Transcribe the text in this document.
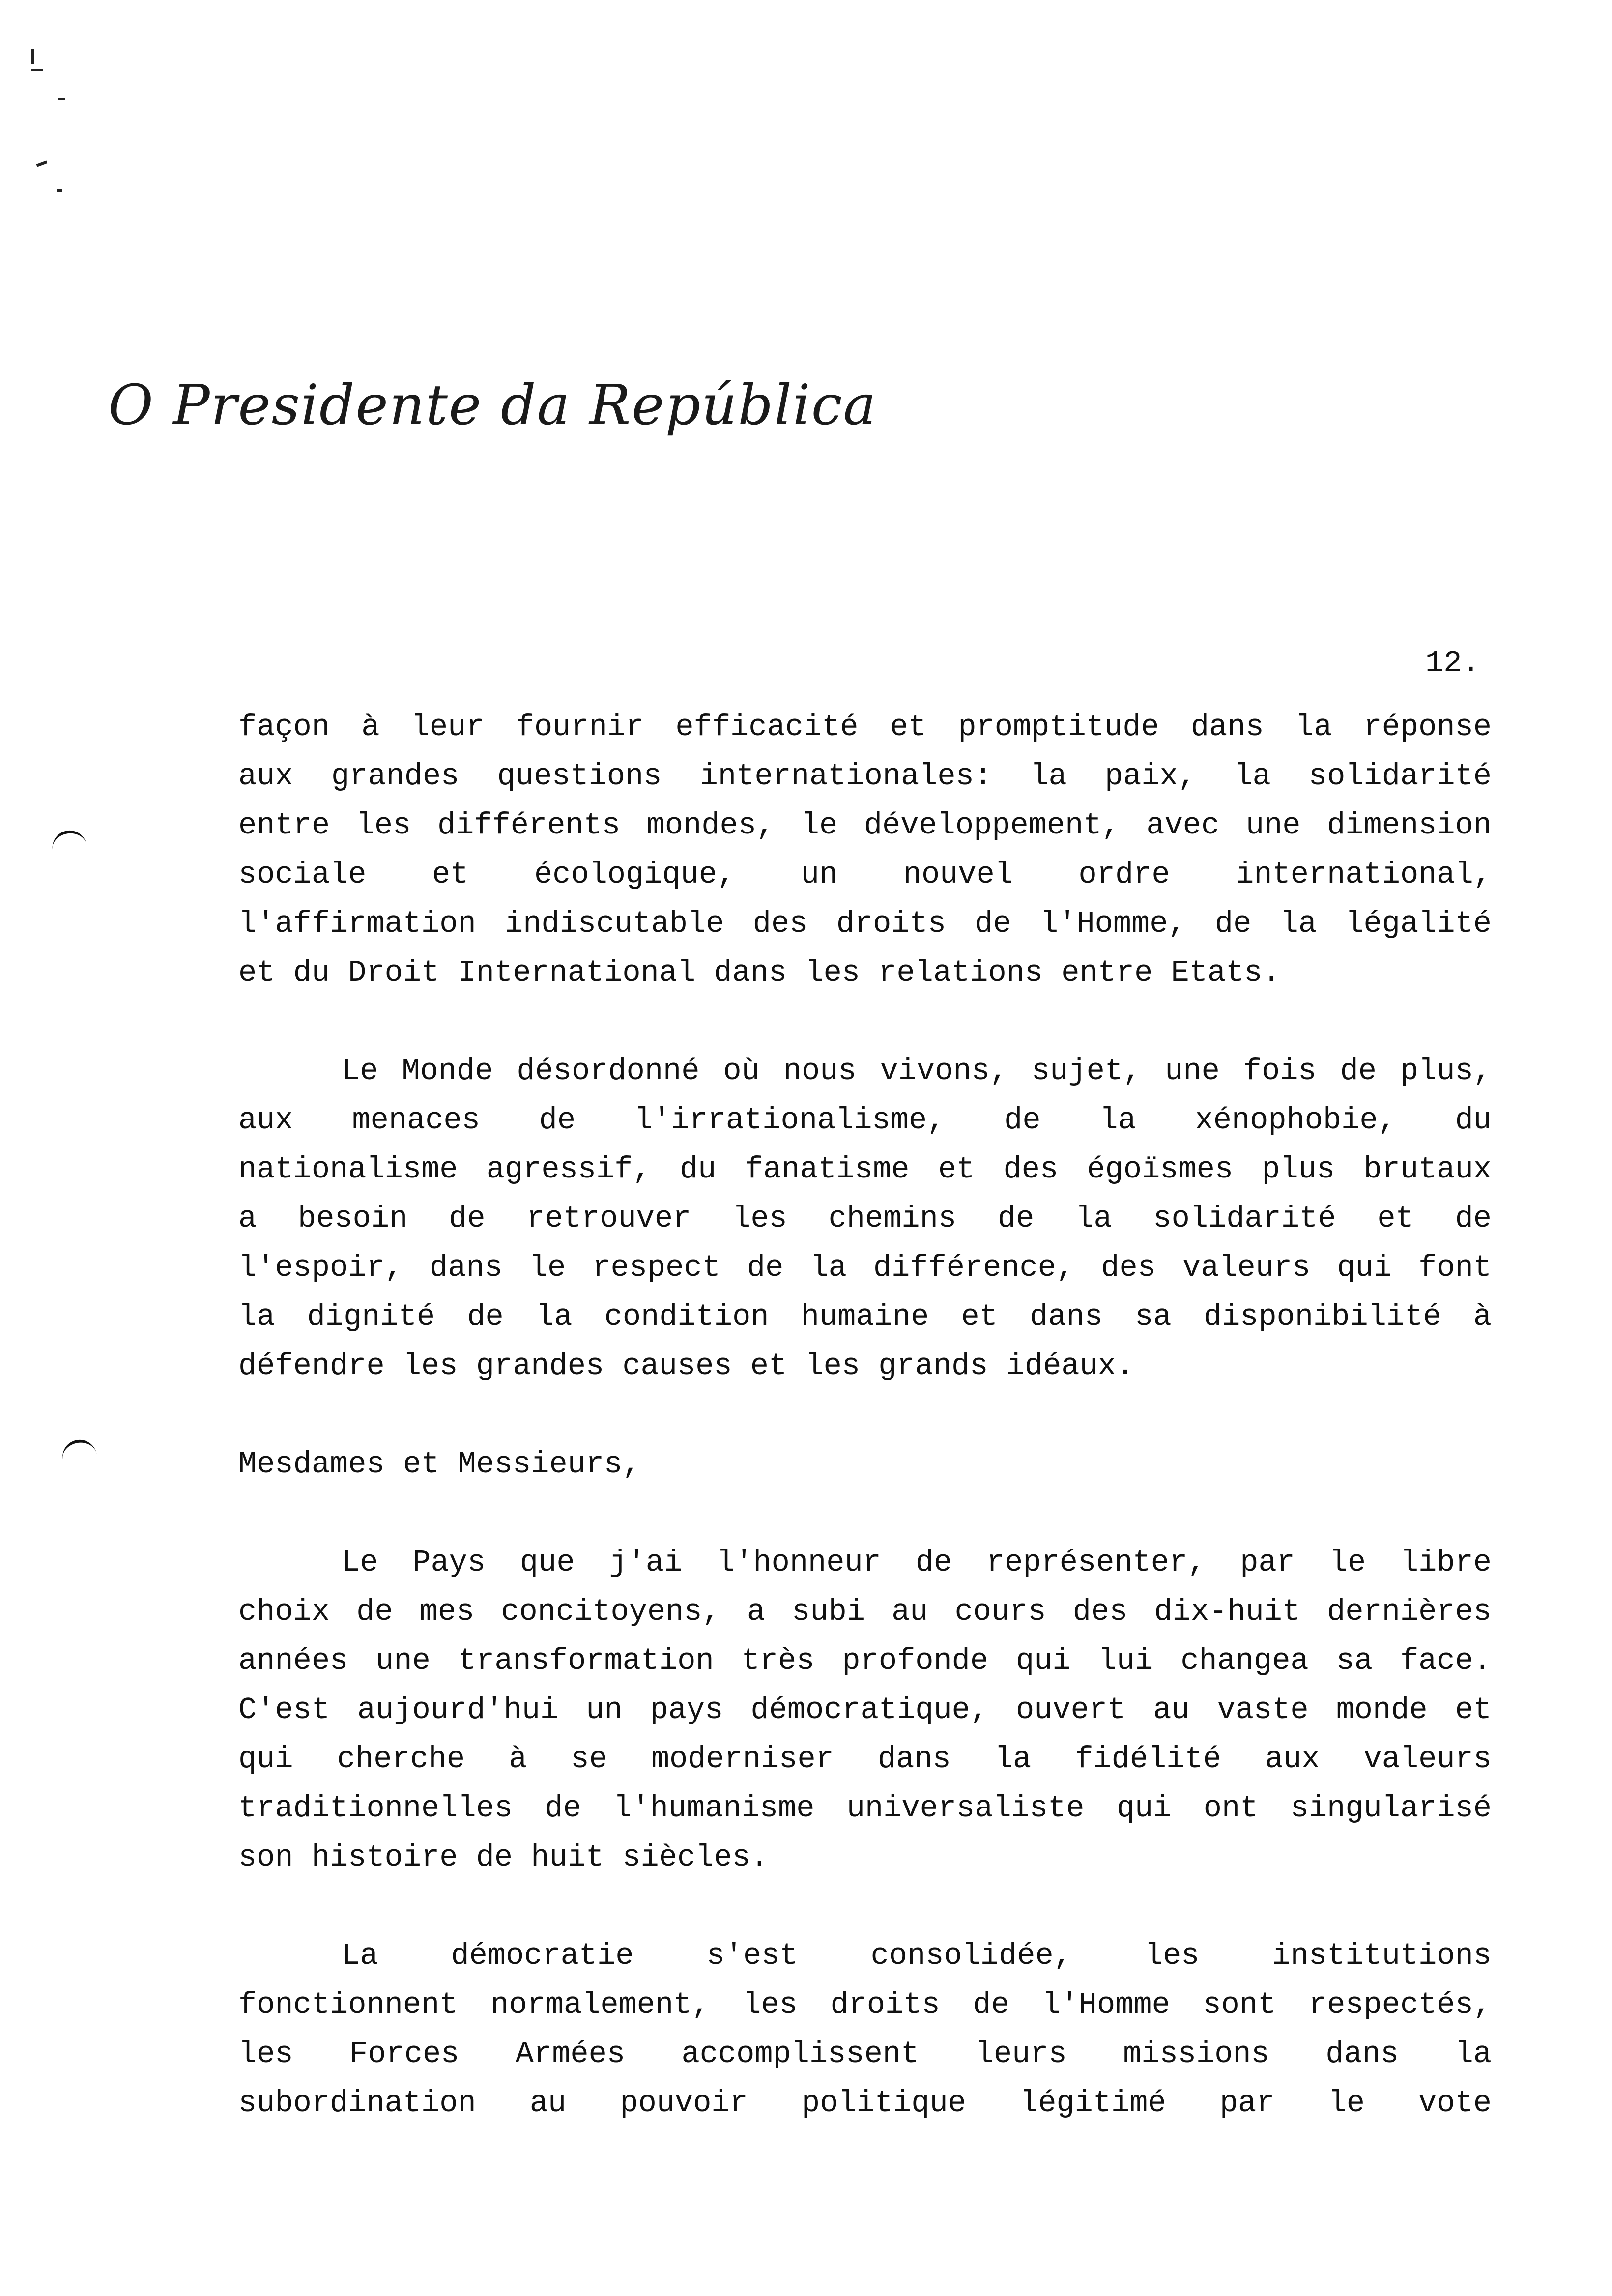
O Presidente da República
12.
façon à leur fournir efficacité et promptitude dans la réponse
aux grandes questions internationales: la paix, la solidarité
entre les différents mondes, le développement, avec une dimension
sociale et écologique, un nouvel ordre international,
l'affirmation indiscutable des droits de l'Homme, de la légalité
et du Droit International dans les relations entre Etats.
Le Monde désordonné où nous vivons, sujet, une fois de plus,
aux menaces de l'irrationalisme, de la xénophobie, du
nationalisme agressif, du fanatisme et des égoïsmes plus brutaux
a besoin de retrouver les chemins de la solidarité et de
l'espoir, dans le respect de la différence, des valeurs qui font
la dignité de la condition humaine et dans sa disponibilité à
défendre les grandes causes et les grands idéaux.
Mesdames et Messieurs,
Le Pays que j'ai l'honneur de représenter, par le libre
choix de mes concitoyens, a subi au cours des dix-huit dernières
années une transformation très profonde qui lui changea sa face.
C'est aujourd'hui un pays démocratique, ouvert au vaste monde et
qui cherche à se moderniser dans la fidélité aux valeurs
traditionnelles de l'humanisme universaliste qui ont singularisé
son histoire de huit siècles.
La démocratie s'est consolidée, les institutions
fonctionnent normalement, les droits de l'Homme sont respectés,
les Forces Armées accomplissent leurs missions dans la
subordination au pouvoir politique légitimé par le vote
